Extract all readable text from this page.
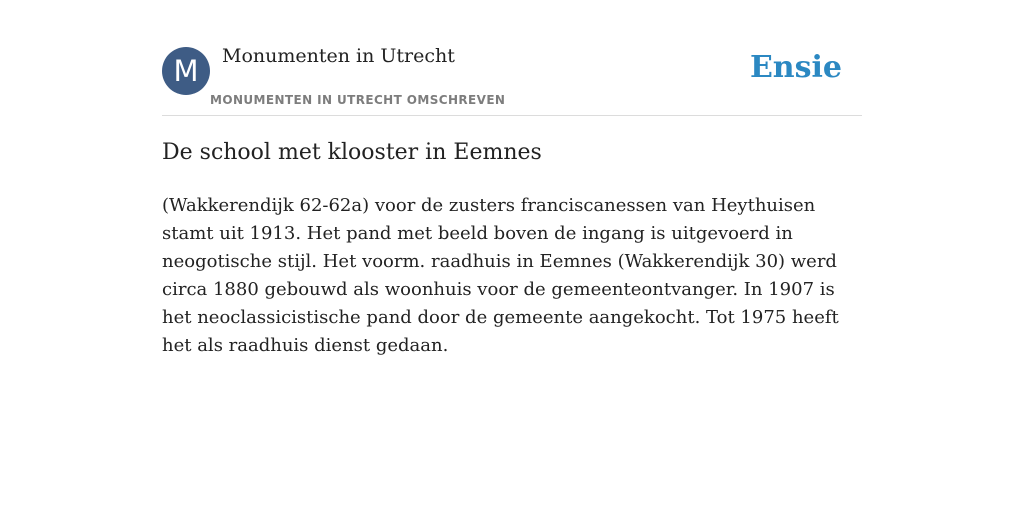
M	Monumenten in Utrecht
MONUMENTEN IN UTRECHT OMSCHREVEN
Ensie
De school met klooster in Eemnes

(Wakkerendijk 62-62a) voor de zusters franciscanessen van Heythuisen stamt uit 1913. Het pand met beeld boven de ingang is uitgevoerd in neogotische stijl. Het voorm. raadhuis in Eemnes (Wakkerendijk 30) werd circa 1880 gebouwd als woonhuis voor de gemeenteontvanger. In 1907 is het neoclassicistische pand door de gemeente aangekocht. Tot 1975 heeft het als raadhuis dienst gedaan.
